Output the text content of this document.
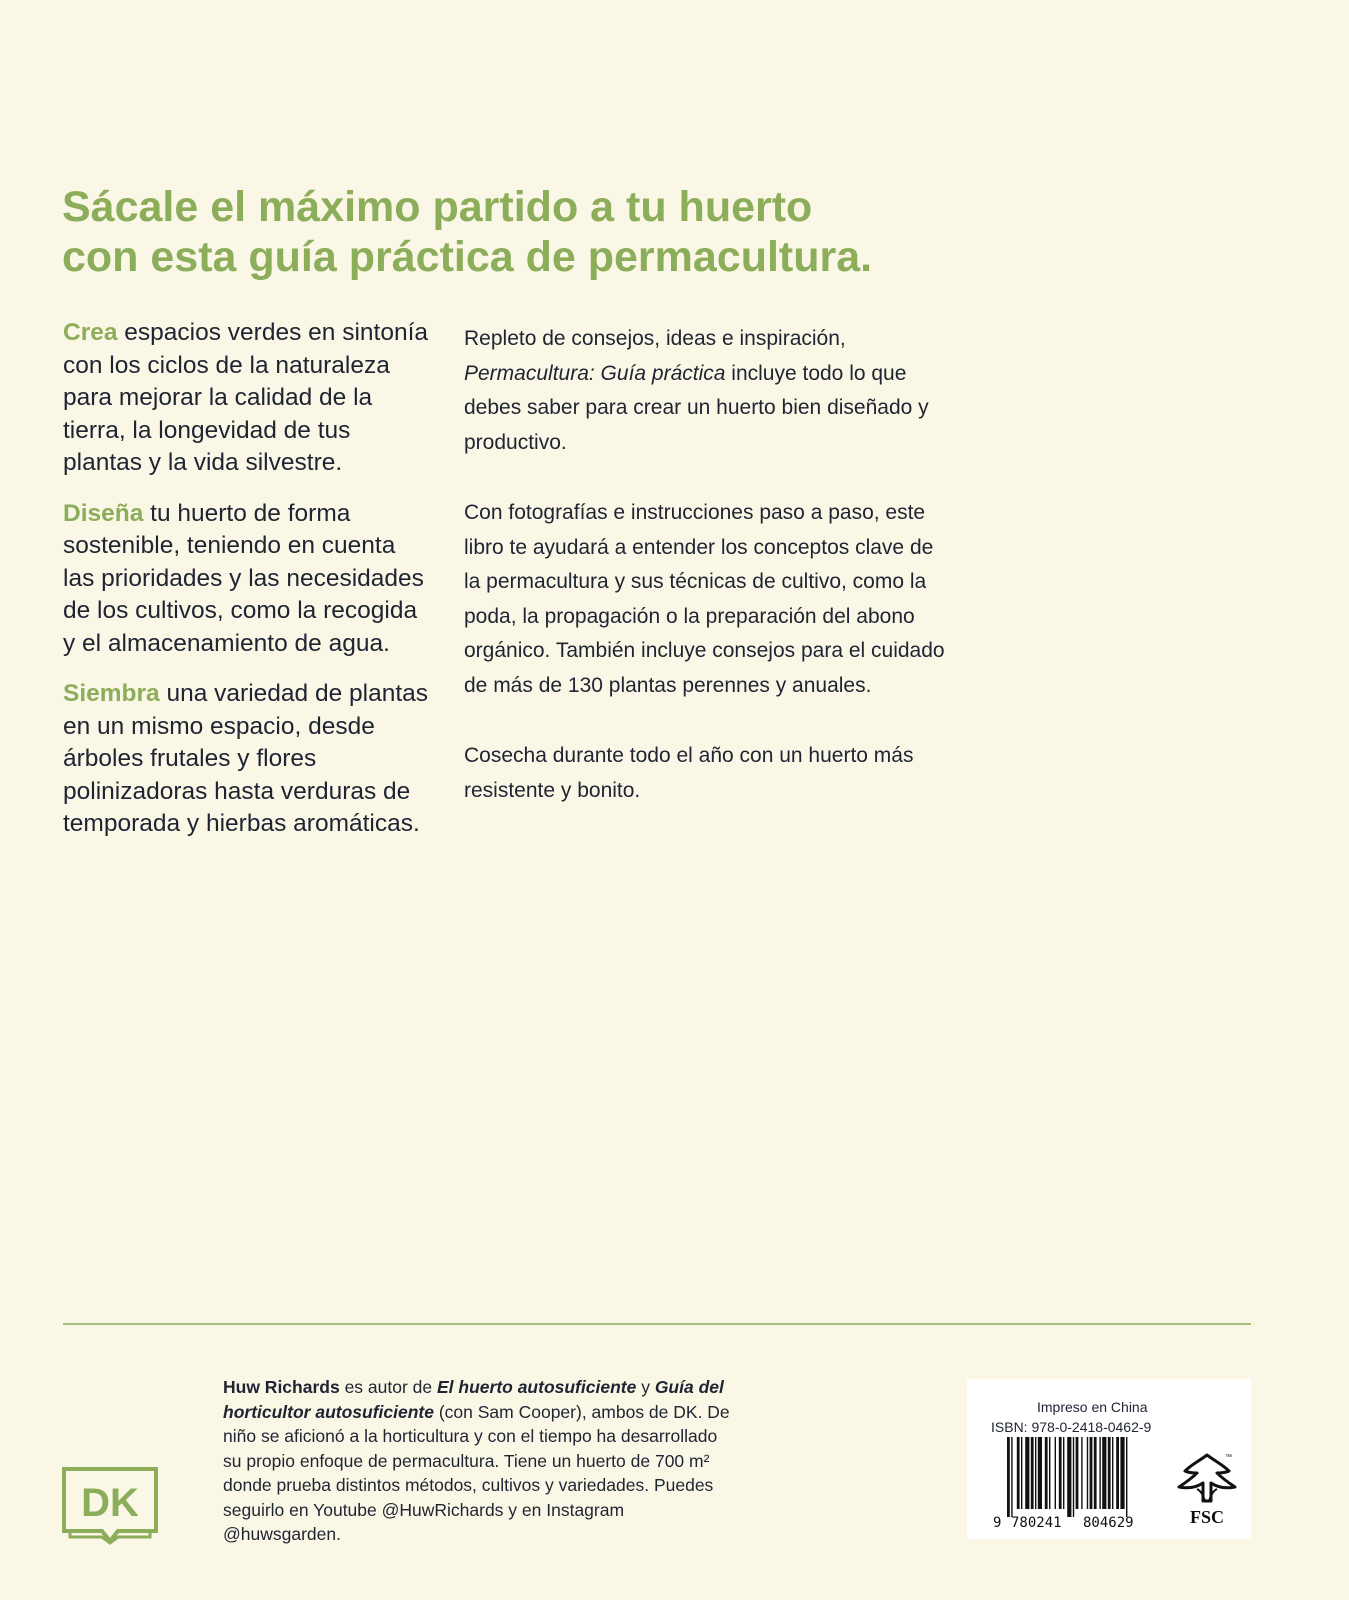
Sácale el máximo partido a tu huerto
con esta guía práctica de permacultura.

Crea espacios verdes en sintonía con los ciclos de la naturaleza para mejorar la calidad de la tierra, la longevidad de tus plantas y la vida silvestre.

Diseña tu huerto de forma sostenible, teniendo en cuenta las prioridades y las necesidades de los cultivos, como la recogida y el almacenamiento de agua.

Siembra una variedad de plantas en un mismo espacio, desde árboles frutales y flores polinizadoras hasta verduras de temporada y hierbas aromáticas.

Repleto de consejos, ideas e inspiración, Permacultura: Guía práctica incluye todo lo que debes saber para crear un huerto bien diseñado y productivo.

Con fotografías e instrucciones paso a paso, este libro te ayudará a entender los conceptos clave de la permacultura y sus técnicas de cultivo, como la poda, la propagación o la preparación del abono orgánico. También incluye consejos para el cuidado de más de 130 plantas perennes y anuales.

Cosecha durante todo el año con un huerto más resistente y bonito.

DK

Huw Richards es autor de El huerto autosuficiente y Guía del horticultor autosuficiente (con Sam Cooper), ambos de DK. De niño se aficionó a la horticultura y con el tiempo ha desarrollado su propio enfoque de permacultura. Tiene un huerto de 700 m² donde prueba distintos métodos, cultivos y variedades. Puedes seguirlo en Youtube @HuwRichards y en Instagram @huwsgarden.

Impreso en China
ISBN: 978-0-2418-0462-9
9 780241 804629
™
FSC
